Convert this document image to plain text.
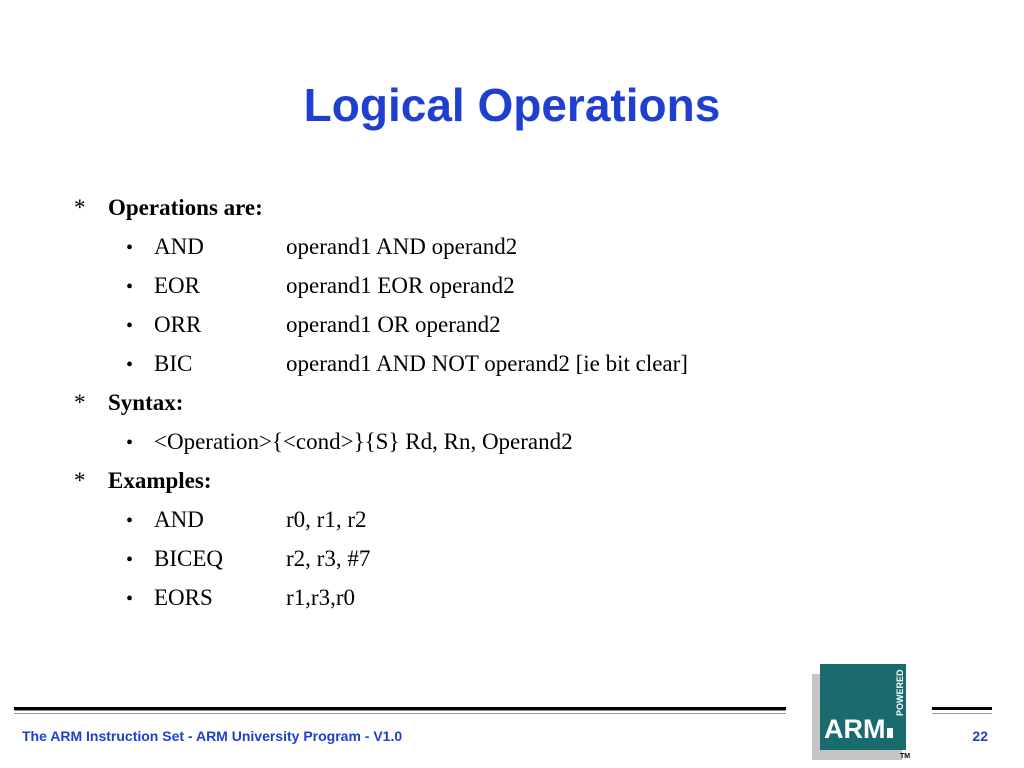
Logical Operations
* Operations are:
• AND	operand1 AND operand2
• EOR	operand1 EOR operand2
• ORR	operand1 OR operand2
• BIC	operand1 AND NOT operand2 [ie bit clear]
* Syntax:
• <Operation>{<cond>}{S} Rd, Rn, Operand2
* Examples:
• AND	r0, r1, r2
• BICEQ	r2, r3, #7
• EORS	r1,r3,r0
The ARM Instruction Set - ARM University Program - V1.0	22
ARM
POWERED
TM
